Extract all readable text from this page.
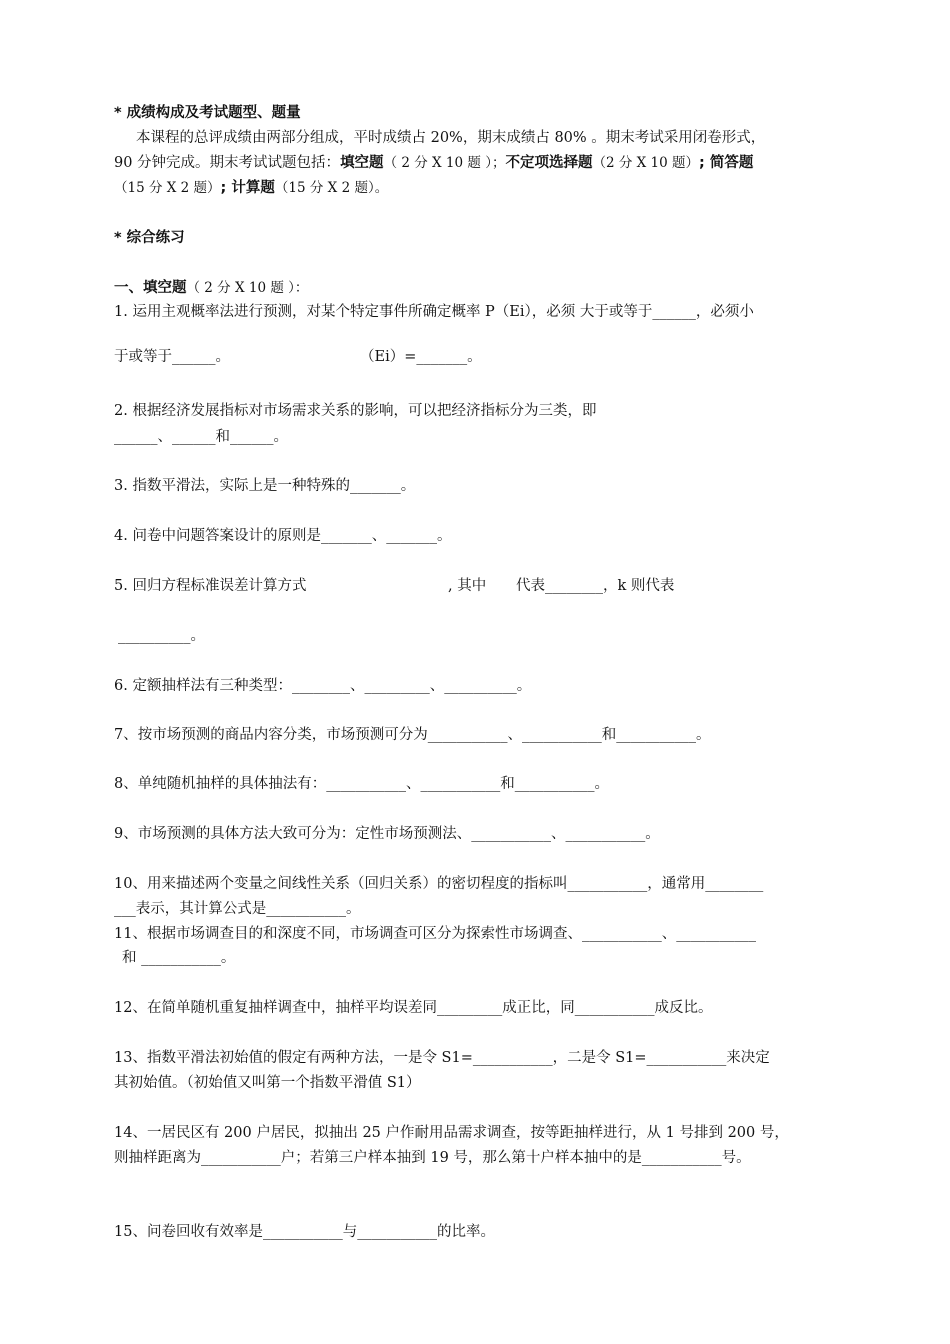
* 成绩构成及考试题型、题量
本课程的总评成绩由两部分组成，平时成绩占 20%，期末成绩占 80% 。期末考试采用闭卷形式，
90 分钟完成。期末考试试题包括：填空题（ 2 分 X 10 题 ）；不定项选择题（2 分 X 10 题）; 简答题
（15 分 X 2 题）; 计算题（15 分 X 2 题）。
* 综合练习
一、填空题（ 2 分 X 10 题 ）：
1. 运用主观概率法进行预测，对某个特定事件所确定概率 P（Ei），必须 大于或等于______，必须小
于或等于______。	（Ei）=_______。
2. 根据经济发展指标对市场需求关系的影响，可以把经济指标分为三类，即
______、______和______。
3. 指数平滑法，实际上是一种特殊的_______。
4. 问卷中问题答案设计的原则是_______、_______。
5. 回归方程标准误差计算方式	, 其中 代表________，k 则代表
__________。
6. 定额抽样法有三种类型：________、_________、__________。
7、按市场预测的商品内容分类，市场预测可分为___________、___________和___________。
8、单纯随机抽样的具体抽法有：___________、___________和___________。
9、市场预测的具体方法大致可分为：定性市场预测法、___________、___________。
10、用来描述两个变量之间线性关系（回归关系）的密切程度的指标叫___________，通常用________
___表示，其计算公式是___________。
11、根据市场调查目的和深度不同，市场调查可区分为探索性市场调查、___________、___________
和 ___________。
12、在简单随机重复抽样调查中，抽样平均误差同_________成正比，同___________成反比。
13、指数平滑法初始值的假定有两种方法，一是令 S1=___________，二是令 S1=___________来决定
其初始值。（初始值又叫第一个指数平滑值 S1）
14、一居民区有 200 户居民，拟抽出 25 户作耐用品需求调查，按等距抽样进行，从 1 号排到 200 号，
则抽样距离为___________户；若第三户样本抽到 19 号，那么第十户样本抽中的是___________号。
15、问卷回收有效率是___________与___________的比率。
